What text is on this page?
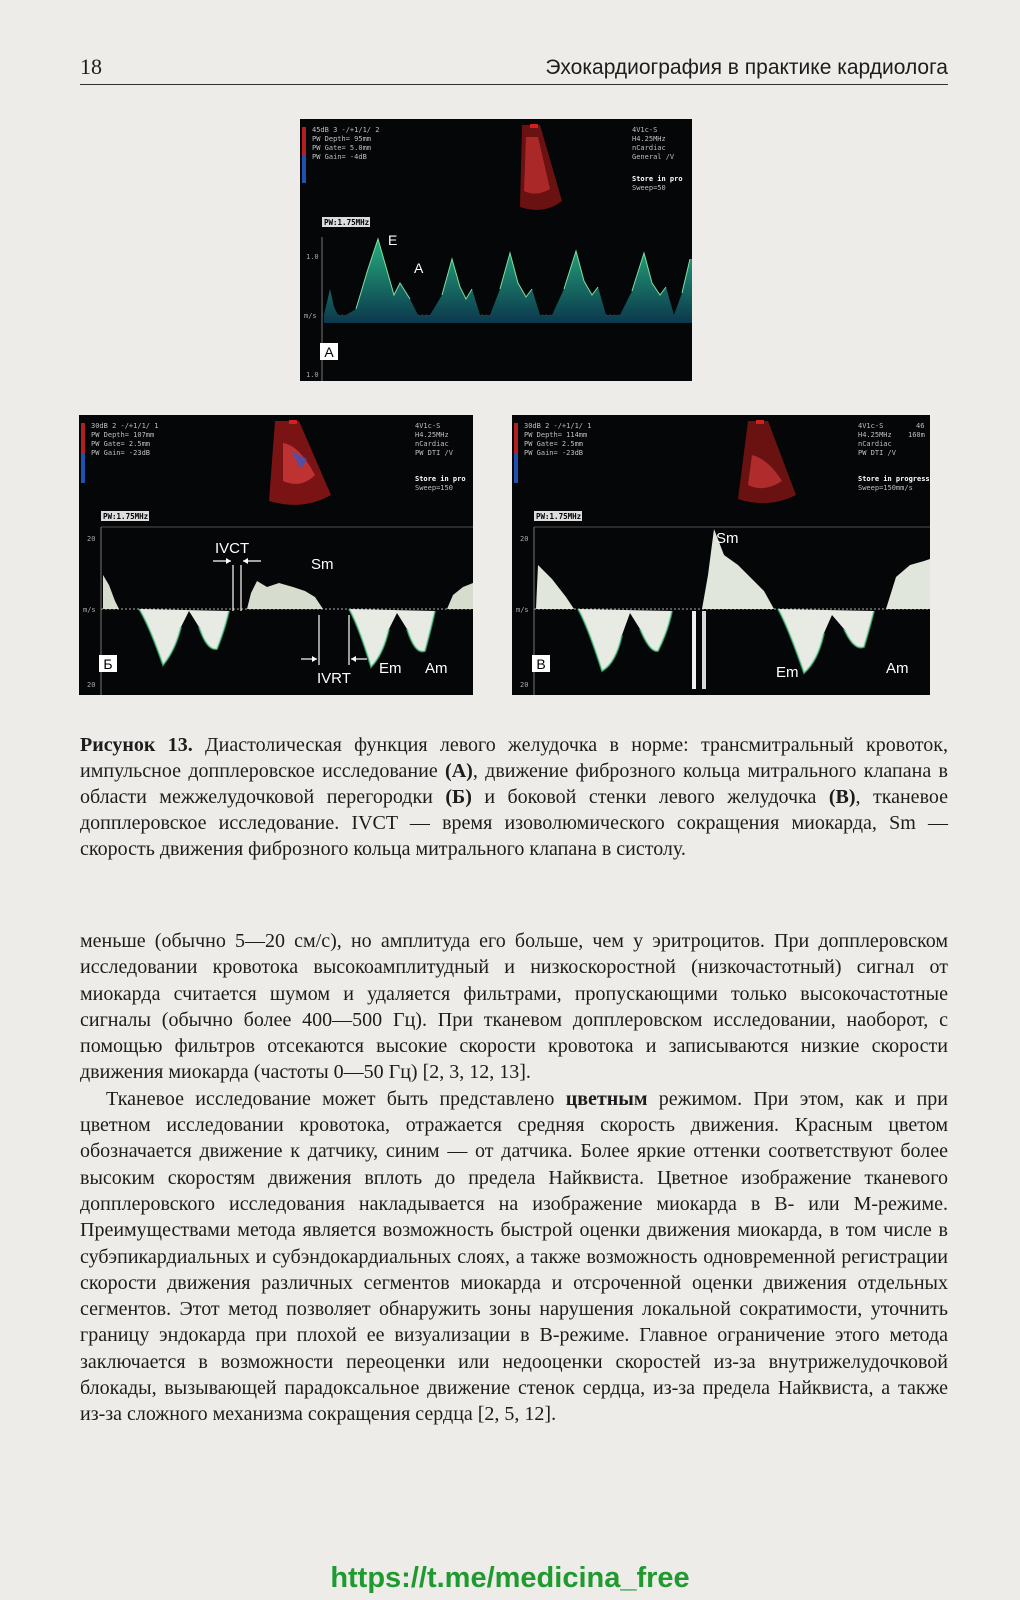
18	Эхокардиография в практике кардиолога
45dB 3 -/+1/1/ 2
PW Depth= 95mm
PW Gate= 5.0mm
PW Gain= -4dB
4V1c-S
H4.25MHz
nCardiac
General /V
Store in pro
Sweep=50
PW:1.75MHz
1.0
m/s
1.0
E
A
A
30dB 2 -/+1/1/ 1
PW Depth= 107mm
PW Gate= 2.5mm
PW Gain= -23dB
4V1c-S
H4.25MHz
nCardiac
PW DTI /V
Store in pro
Sweep=150
PW:1.75MHz
20
m/s
20
IVCT
Sm
IVRT
Em Am
Б
30dB 2 -/+1/1/ 1
PW Depth= 114mm
PW Gate= 2.5mm
PW Gain= -23dB
4V1c-S
H4.25MHz
nCardiac
PW DTI /V
160m
46
Store in progress
Sweep=150mm/s
PW:1.75MHz
20
m/s
20
Sm
Em	Am
В
Рисунок 13. Диастолическая функция левого желудочка в норме: трансмитральный кровоток, импульсное допплеровское исследование (А), движение фиброзного кольца митрального клапана в области межжелудочковой перегородки (Б) и боковой стенки левого желудочка (В), тканевое допплеровское исследование. IVCT — время изоволюмического сокращения миокарда, Sm — скорость движения фиброзного кольца митрального клапана в систолу.

меньше (обычно 5—20 см/с), но амплитуда его больше, чем у эритроцитов. При допплеровском исследовании кровотока высокоамплитудный и низкоскоростной (низкочастотный) сигнал от миокарда считается шумом и удаляется фильтрами, пропускающими только высокочастотные сигналы (обычно более 400—500 Гц). При тканевом допплеровском исследовании, наоборот, с помощью фильтров отсекаются высокие скорости кровотока и записываются низкие скорости движения миокарда (частоты 0—50 Гц) [2, 3, 12, 13].

Тканевое исследование может быть представлено цветным режимом. При этом, как и при цветном исследовании кровотока, отражается средняя скорость движения. Красным цветом обозначается движение к датчику, синим — от датчика. Более яркие оттенки соответствуют более высоким скоростям движения вплоть до предела Найквиста. Цветное изображение тканевого допплеровского исследования накладывается на изображение миокарда в В- или М-режиме. Преимуществами метода является возможность быстрой оценки движения миокарда, в том числе в субэпикардиальных и субэндокардиальных слоях, а также возможность одновременной регистрации скорости движения различных сегментов миокарда и отсроченной оценки движения отдельных сегментов. Этот метод позволяет обнаружить зоны нарушения локальной сократимости, уточнить границу эндокарда при плохой ее визуализации в В-режиме. Главное ограничение этого метода заключается в возможности переоценки или недооценки скоростей из-за внутрижелудочковой блокады, вызывающей парадоксальное движение стенок сердца, из-за предела Найквиста, а также из-за сложного механизма сокращения сердца [2, 5, 12].

https://t.me/medicina_free
